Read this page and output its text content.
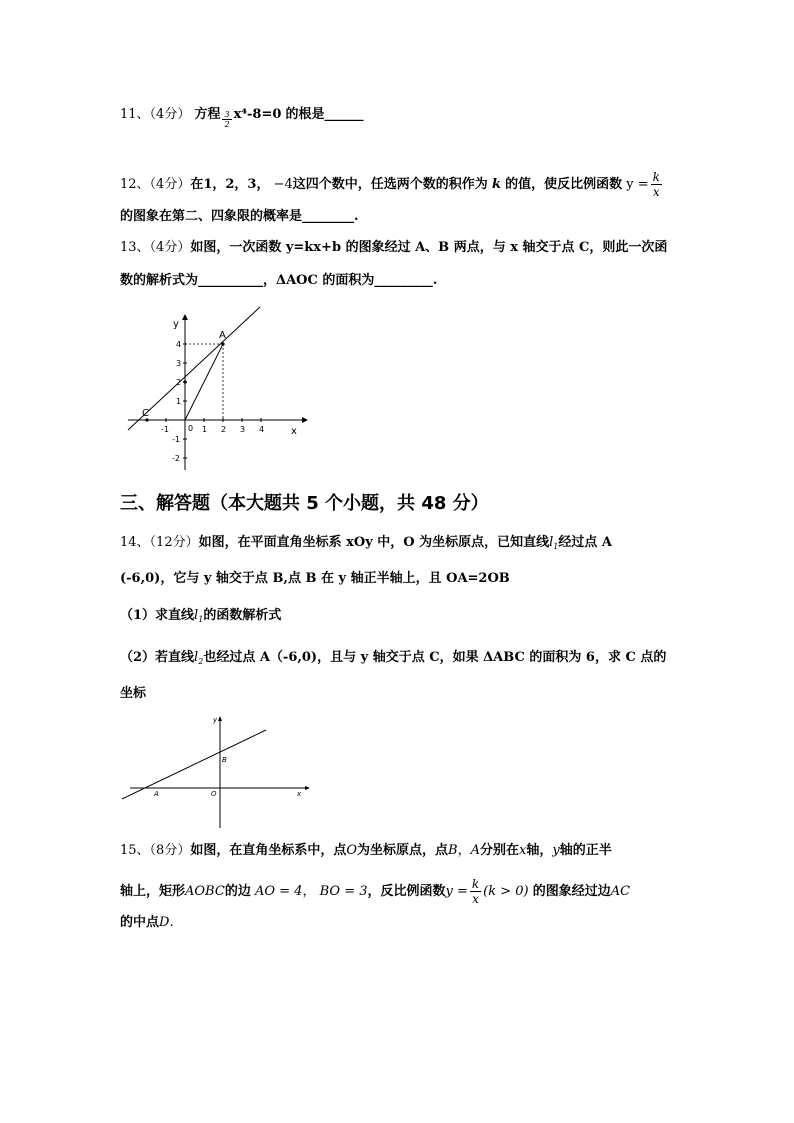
11、（4分） 方程 $\frac{3}{2} x^4-8=0$ 的根是______
12、（4分）在1，2，3， −4这四个数中，任选两个数的积作为 k 的值，使反比例函数 $y = \frac{k}{x}$
的图象在第二、四象限的概率是________.
13、（4分）如图，一次函数 y=kx+b 的图象经过 A、B 两点，与 x 轴交于点 C，则此一次函
数的解析式为__________，ΔAOC 的面积为_________.
y
x
A
C
0
-1	1 2 3 4
4
3
2
1
-1
-2
三、解答题（本大题共 5 个小题，共 48 分）
14、（12分）如图，在平面直角坐标系 xOy 中，O 为坐标原点，已知直线$l_1$经过点 A
(-6,0)，它与 y 轴交于点 B,点 B 在 y 轴正半轴上，且 OA=2OB
（1）求直线$l_1$的函数解析式
（2）若直线$l_2$也经过点 A（-6,0)，且与 y 轴交于点 C，如果 ΔABC 的面积为 6，求 C 点的
坐标
y
x
A
B
O
15、（8分）如图，在直角坐标系中，点O为坐标原点，点B，A分别在x轴，y轴的正半
轴上，矩形AOBC的边 AO = 4， BO = 3，反比例函数$y = \frac{k}{x} (k > 0)$ 的图象经过边AC
的中点D.
